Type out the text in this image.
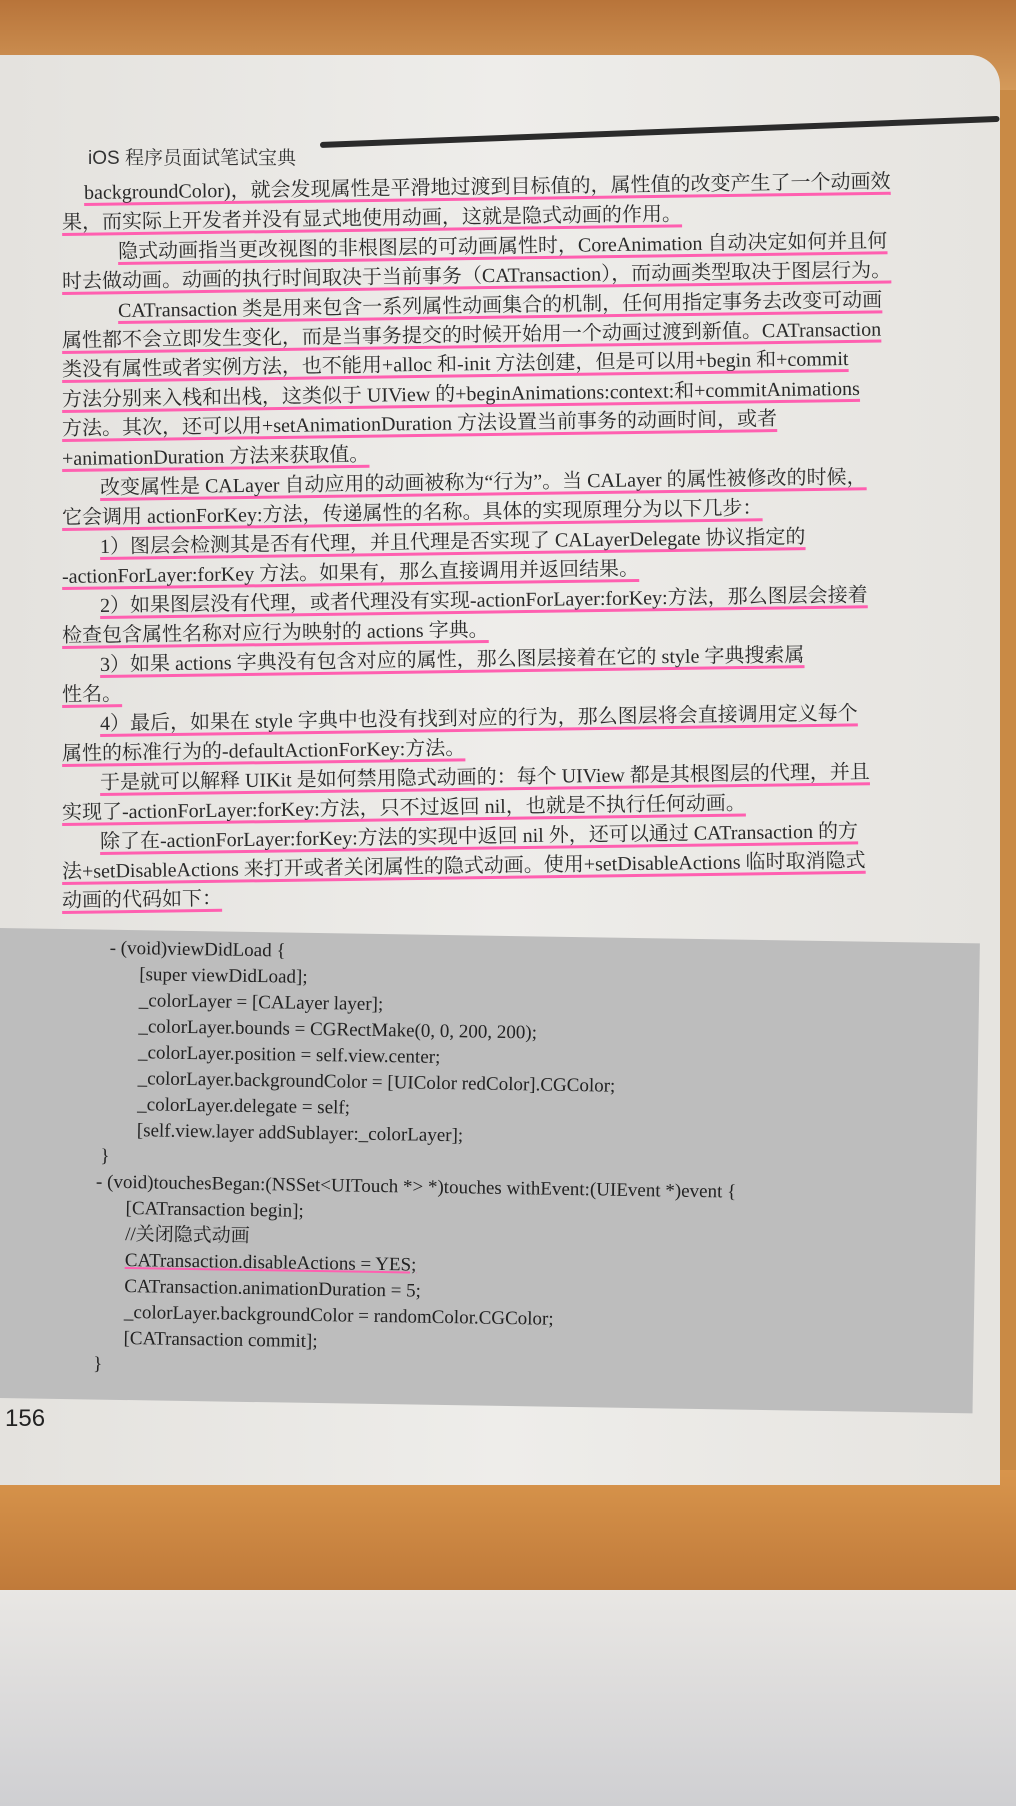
iOS 程序员面试笔试宝典
backgroundColor)，就会发现属性是平滑地过渡到目标值的，属性值的改变产生了一个动画效
果，而实际上开发者并没有显式地使用动画，这就是隐式动画的作用。
隐式动画指当更改视图的非根图层的可动画属性时，CoreAnimation 自动决定如何并且何
时去做动画。动画的执行时间取决于当前事务（CATransaction），而动画类型取决于图层行为。
CATransaction 类是用来包含一系列属性动画集合的机制，任何用指定事务去改变可动画
属性都不会立即发生变化，而是当事务提交的时候开始用一个动画过渡到新值。CATransaction
类没有属性或者实例方法，也不能用+alloc 和-init 方法创建，但是可以用+begin 和+commit
方法分别来入栈和出栈，这类似于 UIView 的+beginAnimations:context:和+commitAnimations
方法。其次，还可以用+setAnimationDuration 方法设置当前事务的动画时间，或者
+animationDuration 方法来获取值。
改变属性是 CALayer 自动应用的动画被称为“行为”。当 CALayer 的属性被修改的时候，
它会调用 actionForKey:方法，传递属性的名称。具体的实现原理分为以下几步：
1）图层会检测其是否有代理，并且代理是否实现了 CALayerDelegate 协议指定的
-actionForLayer:forKey 方法。如果有，那么直接调用并返回结果。
2）如果图层没有代理，或者代理没有实现-actionForLayer:forKey:方法，那么图层会接着
检查包含属性名称对应行为映射的 actions 字典。
3）如果 actions 字典没有包含对应的属性，那么图层接着在它的 style 字典搜索属
性名。
4）最后，如果在 style 字典中也没有找到对应的行为，那么图层将会直接调用定义每个
属性的标准行为的-defaultActionForKey:方法。
于是就可以解释 UIKit 是如何禁用隐式动画的：每个 UIView 都是其根图层的代理，并且
实现了-actionForLayer:forKey:方法，只不过返回 nil，也就是不执行任何动画。
除了在-actionForLayer:forKey:方法的实现中返回 nil 外，还可以通过 CATransaction 的方
法+setDisableActions 来打开或者关闭属性的隐式动画。使用+setDisableActions 临时取消隐式
动画的代码如下：
- (void)viewDidLoad {
[super viewDidLoad];
_colorLayer = [CALayer layer];
_colorLayer.bounds = CGRectMake(0, 0, 200, 200);
_colorLayer.position = self.view.center;
_colorLayer.backgroundColor = [UIColor redColor].CGColor;
_colorLayer.delegate = self;
[self.view.layer addSublayer:_colorLayer];
}
- (void)touchesBegan:(NSSet<UITouch *> *)touches withEvent:(UIEvent *)event {
[CATransaction begin];
//关闭隐式动画
CATransaction.disableActions = YES;
CATransaction.animationDuration = 5;
_colorLayer.backgroundColor = randomColor.CGColor;
[CATransaction commit];
}
156
